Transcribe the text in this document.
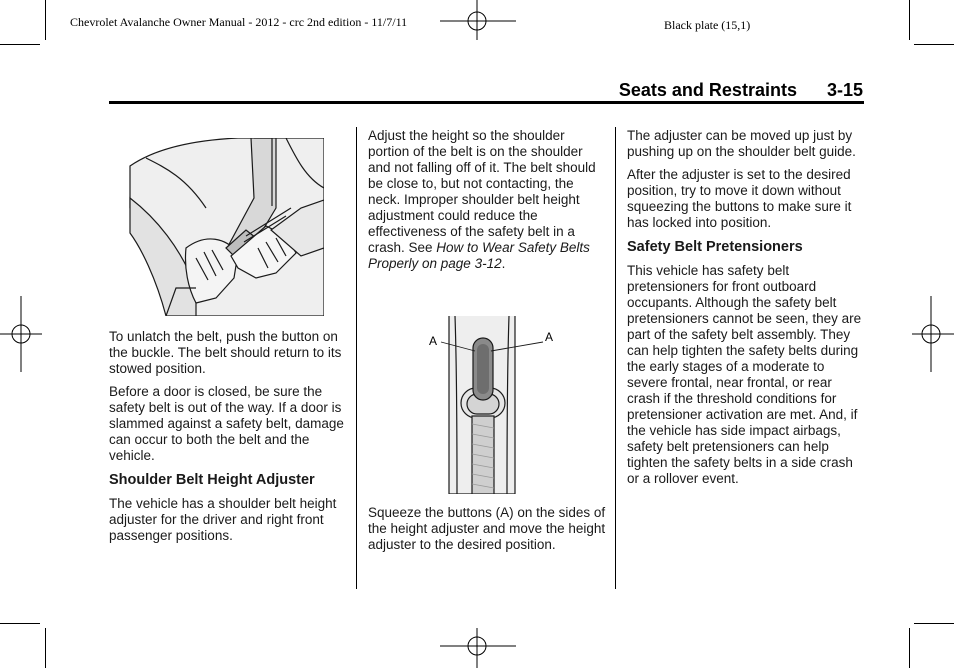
Chevrolet Avalanche Owner Manual - 2012 - crc 2nd edition - 11/7/11	Black plate (15,1)
Seats and Restraints 3-15

To unlatch the belt, push the button on the buckle. The belt should return to its stowed position.

Before a door is closed, be sure the safety belt is out of the way. If a door is slammed against a safety belt, damage can occur to both the belt and the vehicle.

Shoulder Belt Height Adjuster

The vehicle has a shoulder belt height adjuster for the driver and right front passenger positions.

Adjust the height so the shoulder portion of the belt is on the shoulder and not falling off of it. The belt should be close to, but not contacting, the neck. Improper shoulder belt height adjustment could reduce the effectiveness of the safety belt in a crash. See How to Wear Safety Belts Properly on page 3-12.

A	A

Squeeze the buttons (A) on the sides of the height adjuster and move the height adjuster to the desired position.

The adjuster can be moved up just by pushing up on the shoulder belt guide.

After the adjuster is set to the desired position, try to move it down without squeezing the buttons to make sure it has locked into position.

Safety Belt Pretensioners

This vehicle has safety belt pretensioners for front outboard occupants. Although the safety belt pretensioners cannot be seen, they are part of the safety belt assembly. They can help tighten the safety belts during the early stages of a moderate to severe frontal, near frontal, or rear crash if the threshold conditions for pretensioner activation are met. And, if the vehicle has side impact airbags, safety belt pretensioners can help tighten the safety belts in a side crash or a rollover event.
